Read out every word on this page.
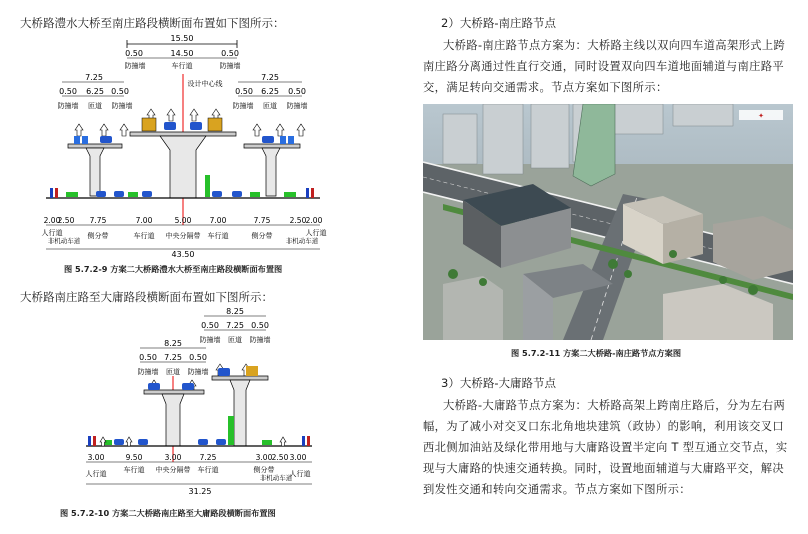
大桥路澧水大桥至南庄路段横断面布置如下图所示：
15.50
0.50	14.50	0.50
防撞墙	车行道	防撞墙
7.25
0.50 6.25 0.50
防撞墙 匝道 防撞墙
7.25
0.50 6.25 0.50
防撞墙 匝道 防撞墙
设计中心线
2.00
2.50 7.75	7.00	5.00 7.00	7.75	2.50 2.00
人行道
非机动车道
侧分带	车行道 中央分隔带 车行道	侧分带
非机动车道
人行道
43.50
图 5.7.2-9 方案二大桥路澧水大桥至南庄路段横断面布置图
大桥路南庄路至大庸路段横断面布置如下图所示：
8.25
0.50 7.25 0.50
防撞墙 匝道 防撞墙
8.25
0.50 7.25 0.50
防撞墙 匝道 防撞墙
3.00	9.50	3.00 7.25	3.00 2.50 3.00
人行道 车行道 中央分隔带 车行道	侧分带
非机动车道
人行道
31.25
图 5.7.2-10 方案二大桥路南庄路至大庸路段横断面布置图
2）大桥路-南庄路节点
大桥路-南庄路节点方案为：大桥路主线以双向四车道高架形式上跨南庄路分离通过性直行交通，同时设置双向四车道地面辅道与南庄路平交，满足转向交通需求。节点方案如下图所示：
✦
图 5.7.2-11 方案二大桥路-南庄路节点方案图
3）大桥路-大庸路节点
大桥路-大庸路节点方案为：大桥路高架上跨南庄路后，分为左右两幅，为了减小对交叉口东北角地块建筑（政协）的影响，利用该交叉口西北侧加油站及绿化带用地与大庸路设置半定向 T 型互通立交节点，实现与大庸路的快速交通转换。同时，设置地面辅道与大庸路平交，解决到发性交通和转向交通需求。节点方案如下图所示：
